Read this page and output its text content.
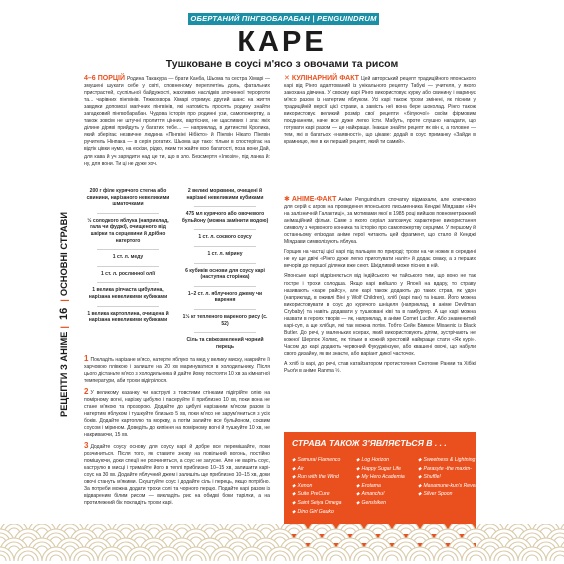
ОБЕРТАНИЙ ПІНГВОБАРАБАН | PENGUINDRUM
КАРЕ
Тушковане в соусі м'ясо з овочами та рисом

4–6 ПОРЦІЙ Родина Такакура — брати Канба, Шьома та сестра Хімарі — змушені шукати себе у світі, сповненому переплетінь доль, фатальних пристрастей, суспільної байдужості, жахливих наслідків злочинної терорготи та... чарівних пінгвінів. Тяжкохвора Хімарі отримує другий шанс на життя завдяки допомозі магічних пінгвінів, які натомість просять родину знайти загадковий пінгвобарабан. Чудова історія про родинні узи, самопожертву, а також зовсім не штучні пролиття цінних, вартісних, не щасливих і зла: якіх ділине діряві прийдуть у багатих тебе... — наприклад, в дитинстві Кролика, який зберігає незвичне людина «Пінгвіні Нібікто» й Пінгвін Нікато Пінгвін ручитель Нінпака — в серія рогатих. Шьома ще тако: тільки в спостерігає на відтік цівки нумо, на ескізи, рідко, яким ти жайте всю багатості, поза вони Дай, для кава й уч зарядити над це ти, що в зло. Безсмертя «Ілюзія», під ланка й: ну, для вони. Ти ці не дуже хоч.

200 г філе курячого стегна або свинини, нарізаного невеликими шматочками
½ солодкого яблука (наприклад, гала чи фуджі), очищеного від шкірки та серцевини й дрібно натертого
1 ст. л. меду
1 ст. л. рослинної олії
1 велика ріпчаста цибулина, нарізана невеликими кубиками
1 велика картоплина, очищена й нарізана невеликими кубиками
2 великі морквини, очищені й нарізані невеликими кубиками
475 мл курячого або овочевого бульйону (можна замінити водою)
1 ст. л. соєвого соусу
1 ст. л. мірину
6 кубиків основи для соусу карі (наступна сторінка)
1–2 ст. л. яблучного джему чи варення
1½ кг тепленого вареного рису (с. 52)
Сіль та свіжозмелений чорний перець
РЕЦЕПТИ З АНІМЕ|16|ОСНОВНІ СТРАВИ

1 Покладіть нарізане м'ясо, натерте яблуко та мед у велику миску, накрийте її харчовою плівкою і залиште на 20 хв маринуватися в холодильнику. Після цього дістаньте м'ясо з холодильника й дайте йому постояти 10 хв за кімнатної температури, аби трохи відігрілося.

2 У великому казанку чи каструлі з товстими стінками підігрійте олію на помірному вогні, нарізку цибулю і пасеруйте її приблизно 10 хв, поки вона не стане м'якою та прозорою. Додайте до цибулі нарізаним м'ясом разом із натертим яблуком і тушкуйте близько 5 хв, поки м'ясо не зарум'яниться з усіх боків. Додайте картоплю та моркву, а потім залийте все бульйоном, соєвим соусом і мірином. Доведіть до кипіння на помірному вогні й тушкуйте 10 хв, не накриваючи, 15 хв.

3 Додайте соусу основу для соусу карі й добре все перемішайте, поки розчиниться. Після того, як ставите знову на повільний вогонь, постійно помішуючи, доки спеції не розчиняться, а соус не загусне. Але не варіть соус, каструлю в мисці і тримайте його в теплі приблизно 10–15 хв, залишити карі-соус на 30 хв. Додайте яблучний джем і залишіть ще приблизно 10–15 хв, доки овочі стануть м'якими. Скуштуйте соус і додайте сіль і перець, якщо потрібно. За потреби можна додати трохи солі та чорного перцю. Подайте карі разом із відвареним білим рисом — викладіть рис на обидві боки тарілки, а на протилежний бік покладіть трохи карі.

✕ КУЛІНАРНИЙ ФАКТ Цей авторський рецепт традиційного японського карі від Рінго адаптований із унікального рецепту Табукі — учителя, у якого закохана дівчина. У своєму карі Рінго використовує курку або свинину і маринує м'ясо разом із натертим яблуком. Усі карі також трохи змінені, як пісним у традиційній версії цієї страви, а замість неї вона бере шоколад. Рінго також використовує великий розмір свої рецепти «білуючої» своїм фірмовим поєднанням, наче все дуже легко їсти. Мабуть, проте слушно нагадати, що готувати карі разом — це найкраще. Інакше знайти рецепт як він є, а головне — тем, які в багатьох «наявності», що цікаве: додай в соус приманку «Зайди в крамницю, яке в ки перший рецепт, який ти самий».

✱ АНІМЕ-ФАКТ Аніме Penguindrum спочатку відмахали, але ключовою для серій є агров на проведення японського письменника Кенджі Міядзави «Ніч на залізничній Галактиці», за мотивами якої в 1985 році вийшов повнометражний анімаційний фільм. Саме з якого серіал запозичує характерне використання символу з червоного конника та історію про самопожертву серцями. У першому й останньому епізодах аніме герої читають цей фрагмент, що стало й Кенджі Міядзави символізують яблука.

Горщик на частці цієї карі під пальцем по природі; трохи на чи ножик в середині не ну ще двічі «Рінго дуже легко приготувати наліт» й додає смаку, а з перших вечорів до першої ділянки вже сеют. Шкідливий може пісних в ній.

Японське карі відрізняється від індійського чи тайського тим, що воно не так гостре і трохи солодша. Якщо карі вийшло у Японії на вдару, то страву називають «каре райсу», але карі також додають до таких страв, як удон (наприклад, в оживлі Віні у Wolf Children), хліб (карі пан) та інших. Його можна використовувати в соус до курячого шніцеля (наприклад, в аніме Devilman Crybaby) та навіть додавати у тушковані ківі та в гамбургер. А ще карі можна назвати в героях творів — як, наприклад, в аніме Cornet Lucifer. Або знаменитий карі-суп, а ще хлібця, які так можна потім. Тобто Сейн Біммон Міхаеліс із Black Butler. До речі, у маленьких ксерах, який використовують дітям, зустрічають не кожної Шерлок Холмс, як тільки в кожній хрестовій найкраще стати «Як курі». Часом до карі додають червоний Фукуджінзуке, або квашені овочі, що набули свого дизайну, як ви знаєте, або варіант дикої часточок.

А хліб із карі, до речі, став катайзатором протистояння Снотоме Ранми та Хібікі Рьоґи в аніме Ranma ½.

СТРАВА ТАКОЖ З'ЯВЛЯЄТЬСЯ В . . .
◆ Samurai Flamenco
◆ Air
◆ Run with the Wind
◆ Xenon
◆ Suite PreCure
◆ Saint Seiya Omega
◆ Dino Girl Gauko
◆ Log Horizon
◆ Happy Sugar Life
◆ My Hero Academia
◆ Erotama
◆ Amanchu!
◆ Genshiken
◆ Sweetness & Lightning
◆ Parasyte -the maxim-
◆ Shuffle!
◆ Masamune-kun's Revenge
◆ Silver Spoon
